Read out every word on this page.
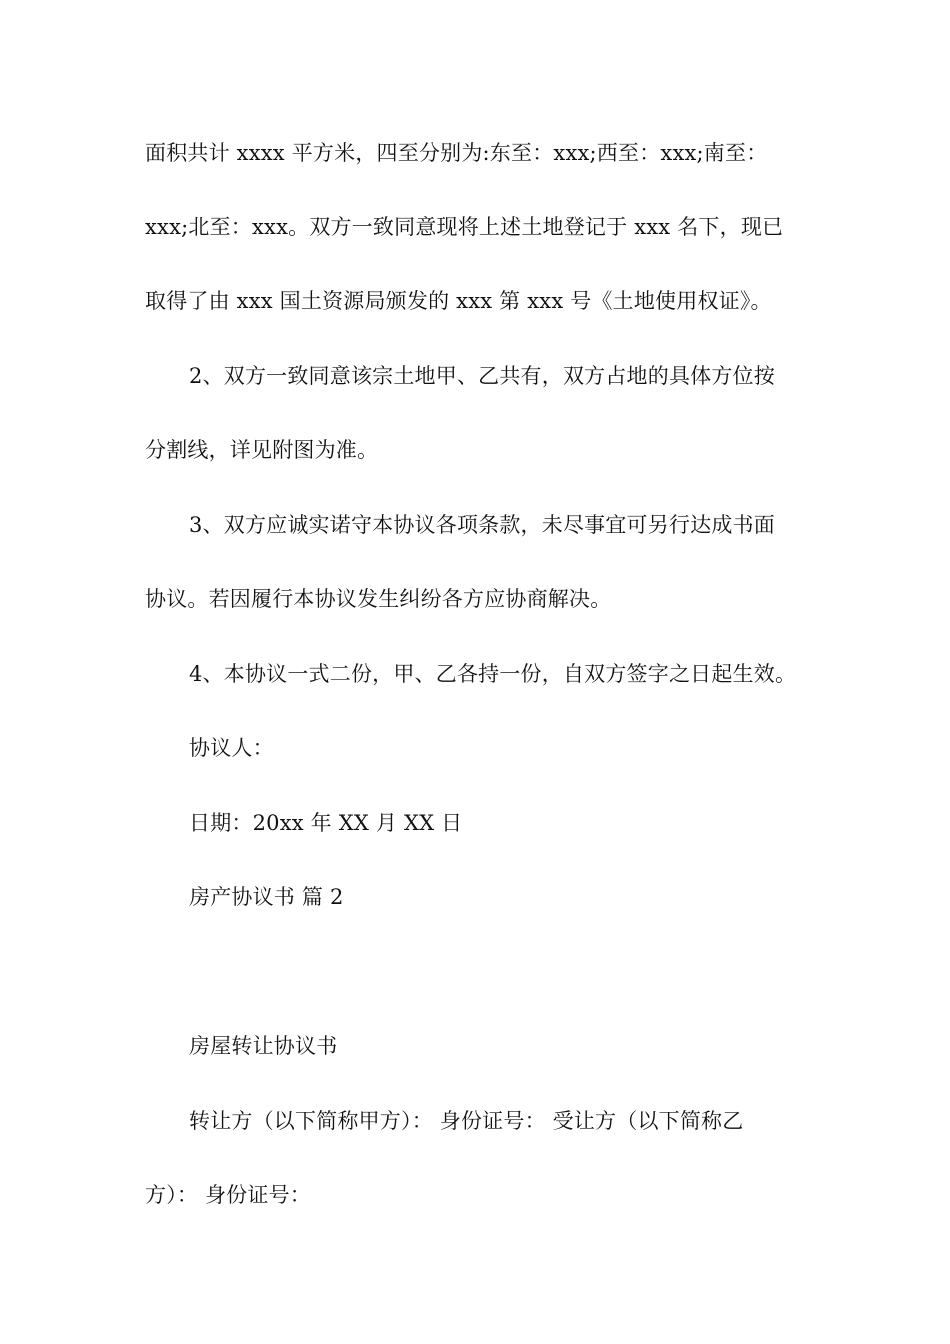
面积共计 xxxx 平方米，四至分别为:东至：xxx;西至：xxx;南至：
xxx;北至：xxx。双方一致同意现将上述土地登记于 xxx 名下，现已
取得了由 xxx 国土资源局颁发的 xxx 第 xxx 号《土地使用权证》。
2、双方一致同意该宗土地甲、乙共有，双方占地的具体方位按
分割线，详见附图为准。
3、双方应诚实诺守本协议各项条款，未尽事宜可另行达成书面
协议。若因履行本协议发生纠纷各方应协商解决。
4、本协议一式二份，甲、乙各持一份，自双方签字之日起生效。
协议人：
日期：20xx 年 XX 月 XX 日
房产协议书 篇 2
房屋转让协议书
转让方（以下简称甲方）： 身份证号： 受让方（以下简称乙
方）： 身份证号：
